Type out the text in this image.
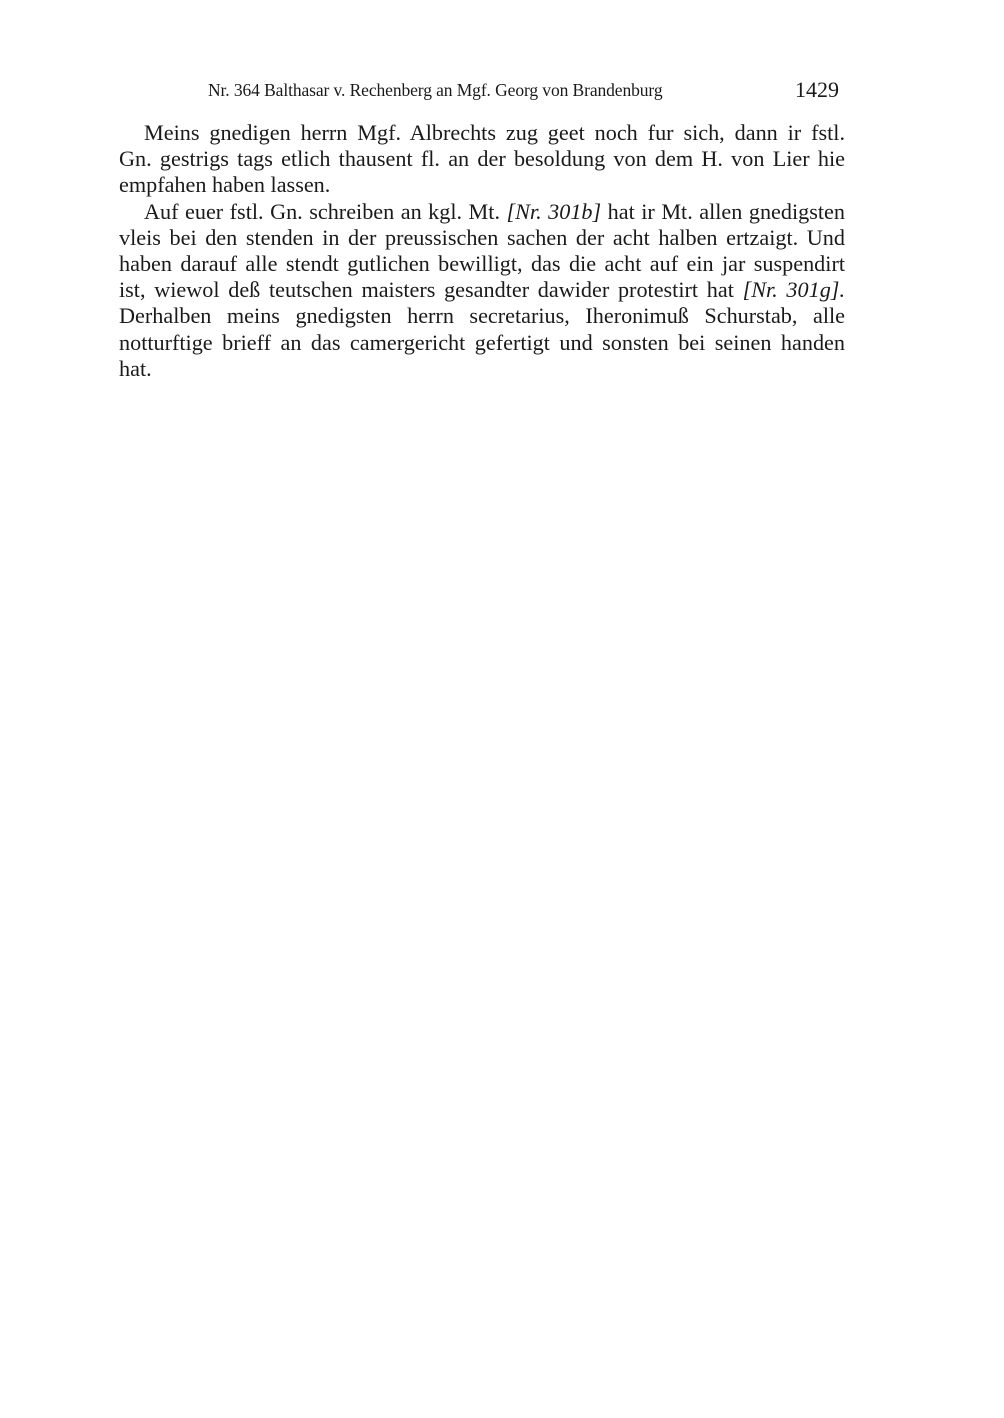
Nr. 364 Balthasar v. Rechenberg an Mgf. Georg von Brandenburg	1429
Meins gnedigen herrn Mgf. Albrechts zug geet noch fur sich, dann ir fstl.
Gn. gestrigs tags etlich thausent fl. an der besoldung von dem H. von Lier hie
empfahen haben lassen.
Auf euer fstl. Gn. schreiben an kgl. Mt. [Nr. 301b] hat ir Mt. allen gnedigsten
vleis bei den stenden in der preussischen sachen der acht halben ertzaigt. Und
haben darauf alle stendt gutlichen bewilligt, das die acht auf ein jar suspendirt
ist, wiewol deß teutschen maisters gesandter dawider protestirt hat [Nr. 301g].
Derhalben meins gnedigsten herrn secretarius, Iheronimuß Schurstab, alle
notturftige brieff an das camergericht gefertigt und sonsten bei seinen handen
hat.
